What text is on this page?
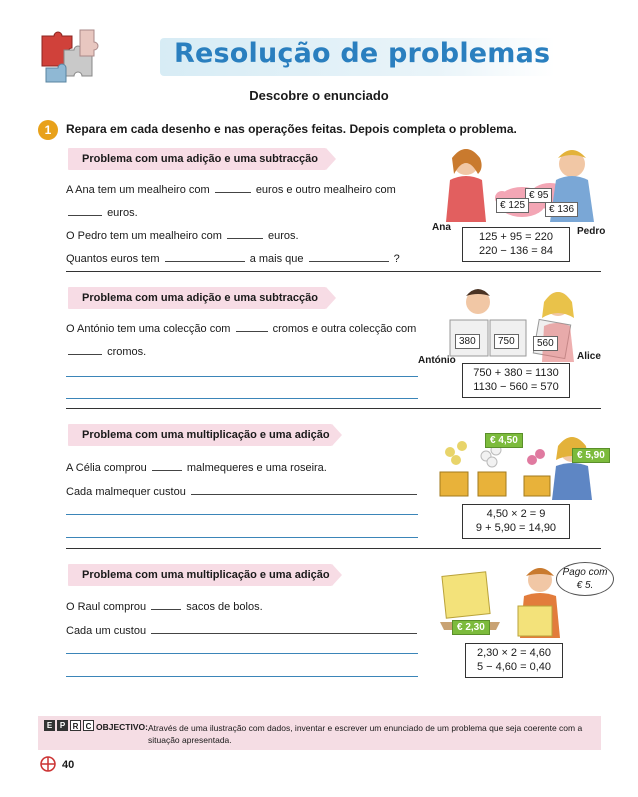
Resolução de problemas
Descobre o enunciado
1	Repara em cada desenho e nas operações feitas. Depois completa o problema.
Problema com uma adição e uma subtracção
A Ana tem um mealheiro com	euros e outro mealheiro com
euros.
O Pedro tem um mealheiro com	euros.
Quantos euros tem	a mais que	?
€ 95
€ 125	€ 136
Ana	Pedro
125 + 95 = 220
220 − 136 = 84
Problema com uma adição e uma subtracção
O António tem uma colecção com	cromos e outra colecção com
cromos.
380	750	560
António	Alice
750 + 380 = 1130
1130 − 560 = 570
Problema com uma multiplicação e uma adição
A Célia comprou	malmequeres e uma roseira.
Cada malmequer custou
€ 4,50
€ 5,90
4,50 × 2 = 9
9 + 5,90 = 14,90
Problema com uma multiplicação e uma adição
O Raul comprou	sacos de bolos.
Cada um custou
Pago com
€ 5.
€ 2,30
2,30 × 2 = 4,60
5 − 4,60 = 0,40
E P R C OBJECTIVO: Através de uma ilustração com dados, inventar e escrever um enunciado de um problema que seja coerente com a situação apresentada.
40
